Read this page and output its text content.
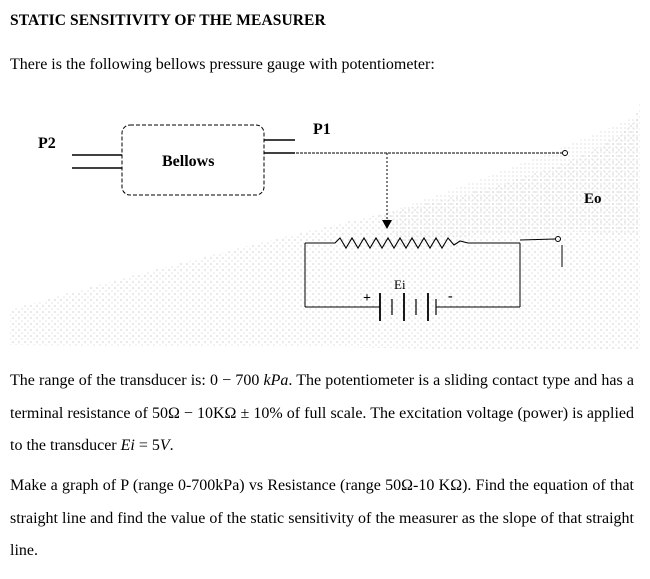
STATIC SENSITIVITY OF THE MEASURER
There is the following bellows pressure gauge with potentiometer:
P2
P1
Bellows
Eo
Ei
+	-
The range of the transducer is: 0 − 700 kPa. The potentiometer is a sliding contact type and has a terminal resistance of 50Ω − 10KΩ ± 10% of full scale. The excitation voltage (power) is applied to the transducer Ei = 5V.
Make a graph of P (range 0-700kPa) vs Resistance (range 50Ω-10 KΩ). Find the equation of that straight line and find the value of the static sensitivity of the measurer as the slope of that straight line.
